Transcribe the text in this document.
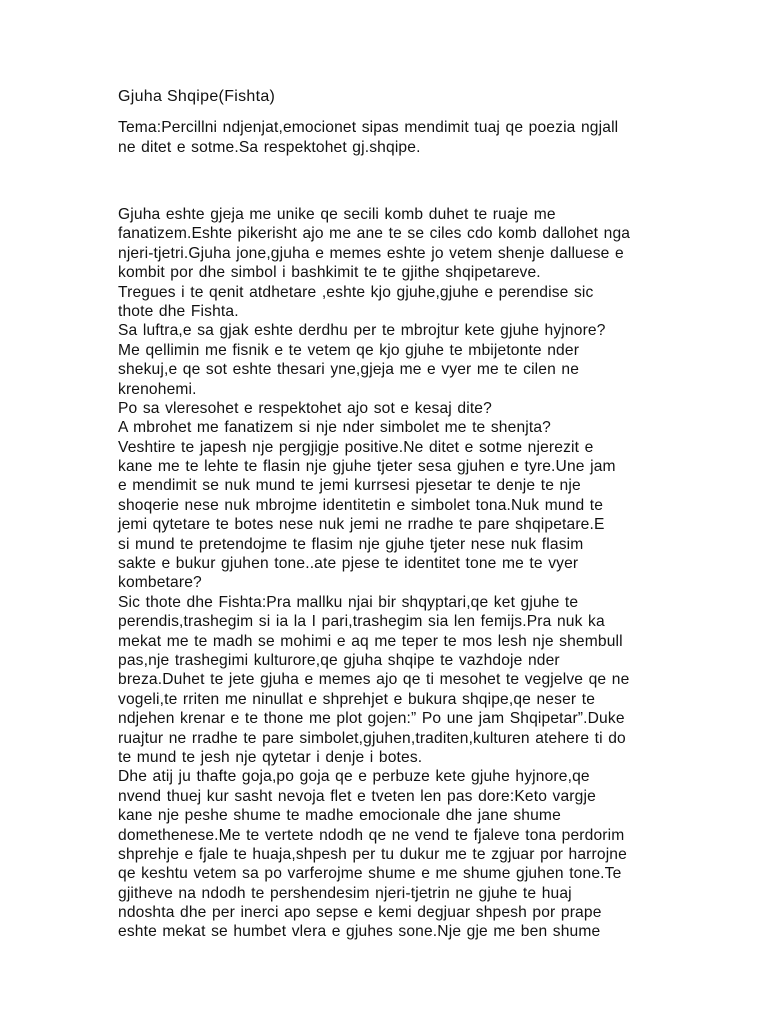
Gjuha Shqipe(Fishta)
Tema:Percillni ndjenjat,emocionet sipas mendimit tuaj qe poezia ngjall
ne ditet e sotme.Sa respektohet gj.shqipe.
Gjuha eshte gjeja me unike qe secili komb duhet te ruaje me
fanatizem.Eshte pikerisht ajo me ane te se ciles cdo komb dallohet nga
njeri-tjetri.Gjuha jone,gjuha e memes eshte jo vetem shenje dalluese e
kombit por dhe simbol i bashkimit te te gjithe shqipetareve.
Tregues i te qenit atdhetare ,eshte kjo gjuhe,gjuhe e perendise sic
thote dhe Fishta.
Sa luftra,e sa gjak eshte derdhu per te mbrojtur kete gjuhe hyjnore?
Me qellimin me fisnik e te vetem qe kjo gjuhe te mbijetonte nder
shekuj,e qe sot eshte thesari yne,gjeja me e vyer me te cilen ne
krenohemi.
Po sa vleresohet e respektohet ajo sot e kesaj dite?
A mbrohet me fanatizem si nje nder simbolet me te shenjta?
Veshtire te japesh nje pergjigje positive.Ne ditet e sotme njerezit e
kane me te lehte te flasin nje gjuhe tjeter sesa gjuhen e tyre.Une jam
e mendimit se nuk mund te jemi kurrsesi pjesetar te denje te nje
shoqerie nese nuk mbrojme identitetin e simbolet tona.Nuk mund te
jemi qytetare te botes nese nuk jemi ne rradhe te pare shqipetare.E
si mund te pretendojme te flasim nje gjuhe tjeter nese nuk flasim
sakte e bukur gjuhen tone..ate pjese te identitet tone me te vyer
kombetare?
Sic thote dhe Fishta:Pra mallku njai bir shqyptari,qe ket gjuhe te
perendis,trashegim si ia la I pari,trashegim sia len femijs.Pra nuk ka
mekat me te madh se mohimi e aq me teper te mos lesh nje shembull
pas,nje trashegimi kulturore,qe gjuha shqipe te vazhdoje nder
breza.Duhet te jete gjuha e memes ajo qe ti mesohet te vegjelve qe ne
vogeli,te rriten me ninullat e shprehjet e bukura shqipe,qe neser te
ndjehen krenar e te thone me plot gojen:” Po une jam Shqipetar”.Duke
ruajtur ne rradhe te pare simbolet,gjuhen,traditen,kulturen atehere ti do
te mund te jesh nje qytetar i denje i botes.
Dhe atij ju thafte goja,po goja qe e perbuze kete gjuhe hyjnore,qe
nvend thuej kur sasht nevoja flet e tveten len pas dore:Keto vargje
kane nje peshe shume te madhe emocionale dhe jane shume
domethenese.Me te vertete ndodh qe ne vend te fjaleve tona perdorim
shprehje e fjale te huaja,shpesh per tu dukur me te zgjuar por harrojne
qe keshtu vetem sa po varferojme shume e me shume gjuhen tone.Te
gjitheve na ndodh te pershendesim njeri-tjetrin ne gjuhe te huaj
ndoshta dhe per inerci apo sepse e kemi degjuar shpesh por prape
eshte mekat se humbet vlera e gjuhes sone.Nje gje me ben shume
